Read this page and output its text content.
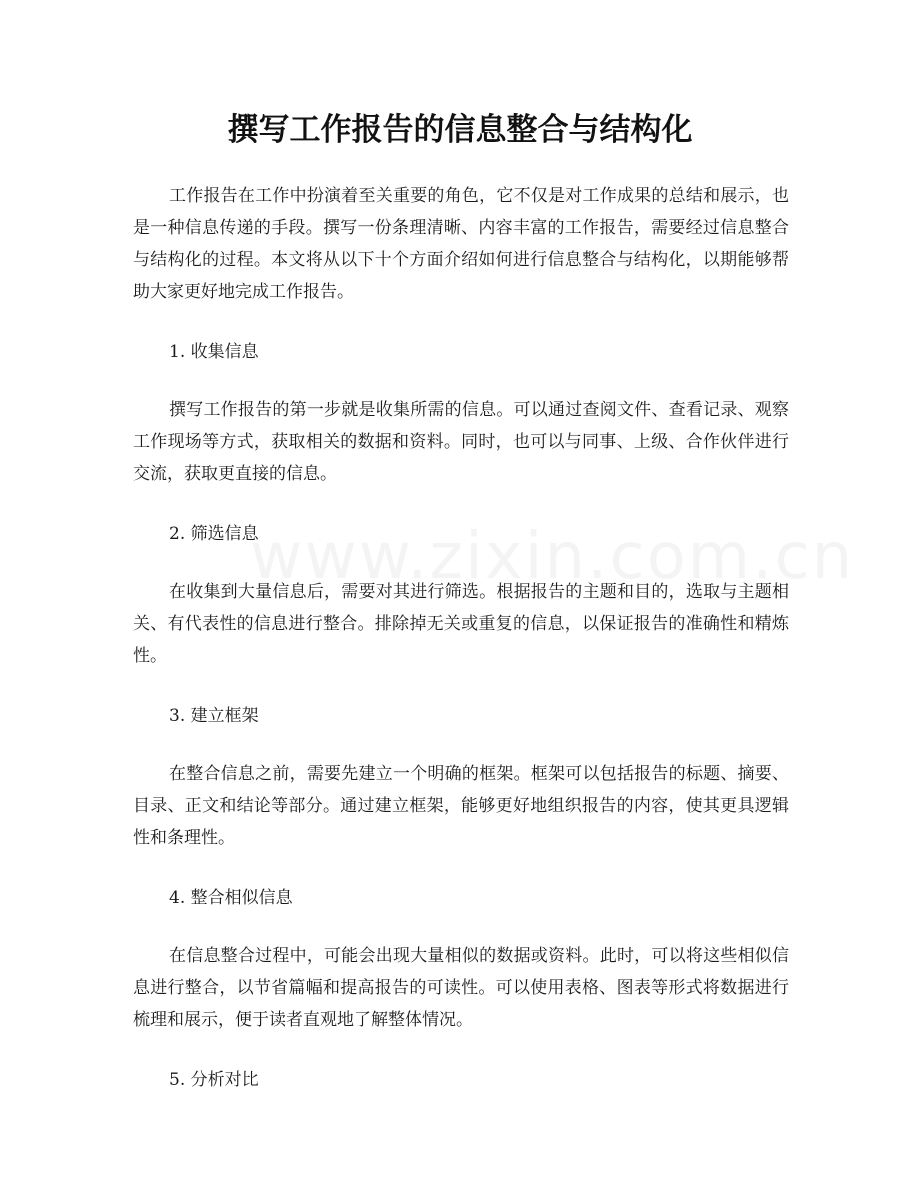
撰写工作报告的信息整合与结构化

工作报告在工作中扮演着至关重要的角色，它不仅是对工作成果的总结和展示，也是一种信息传递的手段。撰写一份条理清晰、内容丰富的工作报告，需要经过信息整合与结构化的过程。本文将从以下十个方面介绍如何进行信息整合与结构化，以期能够帮助大家更好地完成工作报告。

1. 收集信息

撰写工作报告的第一步就是收集所需的信息。可以通过查阅文件、查看记录、观察工作现场等方式，获取相关的数据和资料。同时，也可以与同事、上级、合作伙伴进行交流，获取更直接的信息。

2. 筛选信息

在收集到大量信息后，需要对其进行筛选。根据报告的主题和目的，选取与主题相关、有代表性的信息进行整合。排除掉无关或重复的信息，以保证报告的准确性和精炼性。

3. 建立框架

在整合信息之前，需要先建立一个明确的框架。框架可以包括报告的标题、摘要、目录、正文和结论等部分。通过建立框架，能够更好地组织报告的内容，使其更具逻辑性和条理性。

4. 整合相似信息

在信息整合过程中，可能会出现大量相似的数据或资料。此时，可以将这些相似信息进行整合，以节省篇幅和提高报告的可读性。可以使用表格、图表等形式将数据进行梳理和展示，便于读者直观地了解整体情况。

5. 分析对比
